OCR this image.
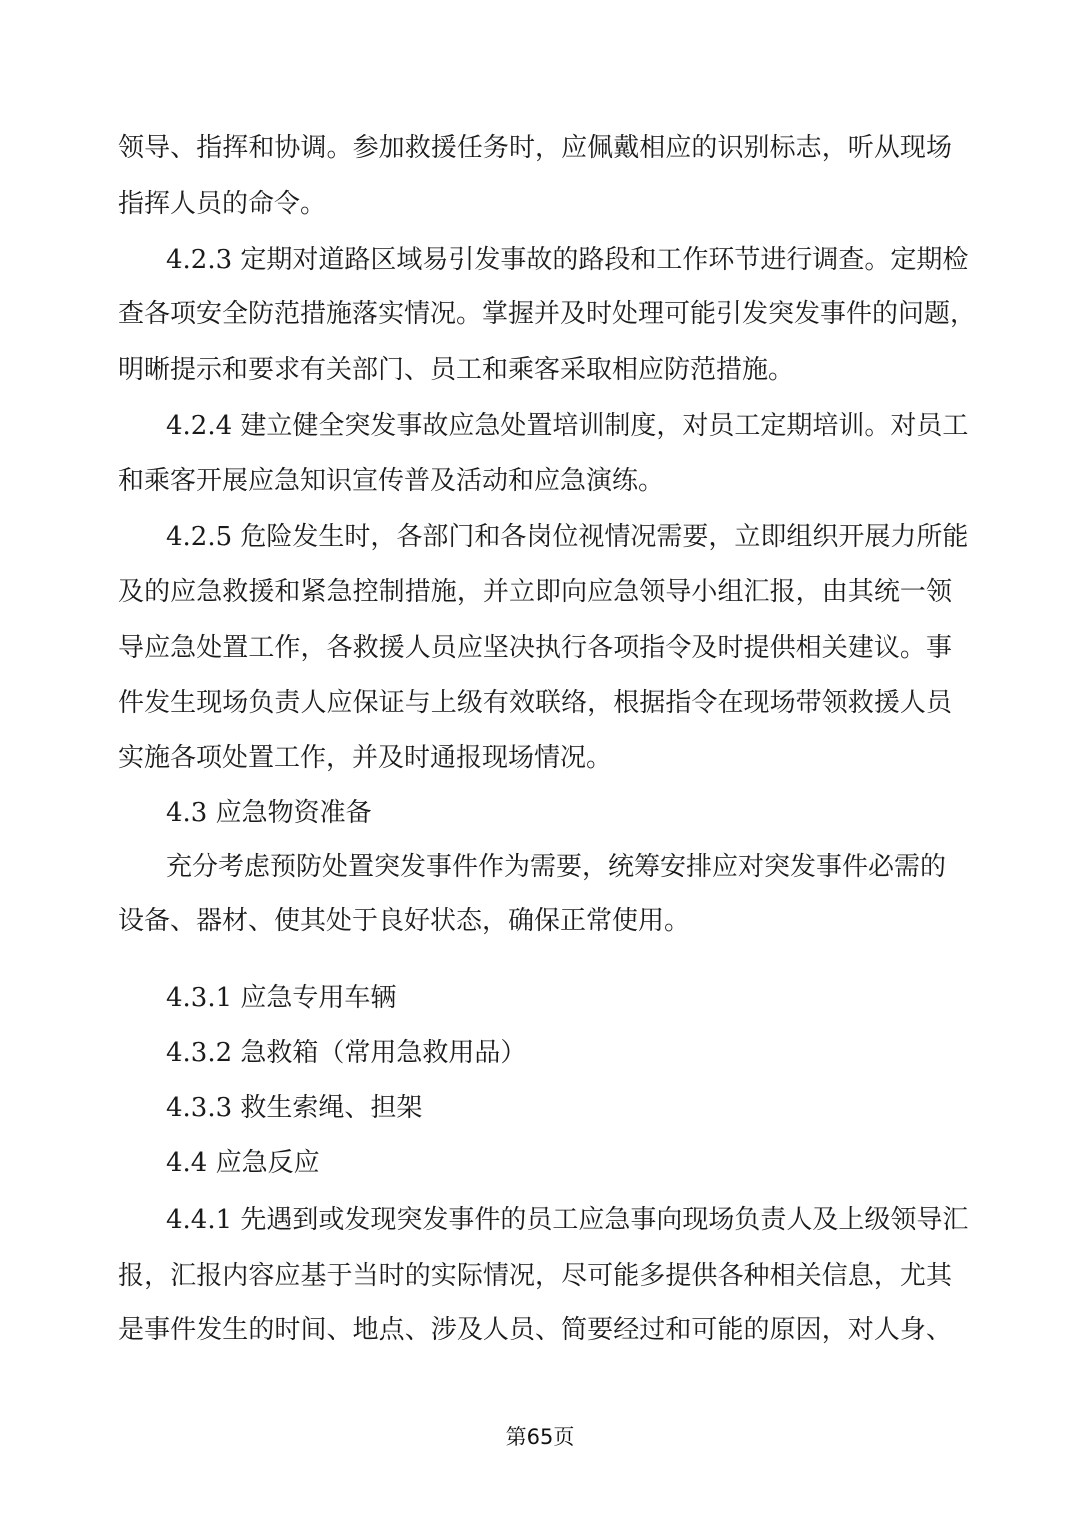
领导、指挥和协调。参加救援任务时，应佩戴相应的识别标志，听从现场
指挥人员的命令。
4.2.3 定期对道路区域易引发事故的路段和工作环节进行调查。定期检
查各项安全防范措施落实情况。掌握并及时处理可能引发突发事件的问题，
明晰提示和要求有关部门、员工和乘客采取相应防范措施。
4.2.4 建立健全突发事故应急处置培训制度，对员工定期培训。对员工
和乘客开展应急知识宣传普及活动和应急演练。
4.2.5 危险发生时，各部门和各岗位视情况需要，立即组织开展力所能
及的应急救援和紧急控制措施，并立即向应急领导小组汇报，由其统一领
导应急处置工作，各救援人员应坚决执行各项指令及时提供相关建议。事
件发生现场负责人应保证与上级有效联络，根据指令在现场带领救援人员
实施各项处置工作，并及时通报现场情况。
4.3 应急物资准备
充分考虑预防处置突发事件作为需要，统筹安排应对突发事件必需的
设备、器材、使其处于良好状态，确保正常使用。
4.3.1 应急专用车辆
4.3.2 急救箱（常用急救用品）
4.3.3 救生索绳、担架
4.4 应急反应
4.4.1 先遇到或发现突发事件的员工应急事向现场负责人及上级领导汇
报，汇报内容应基于当时的实际情况，尽可能多提供各种相关信息，尤其
是事件发生的时间、地点、涉及人员、简要经过和可能的原因，对人身、
第65页
